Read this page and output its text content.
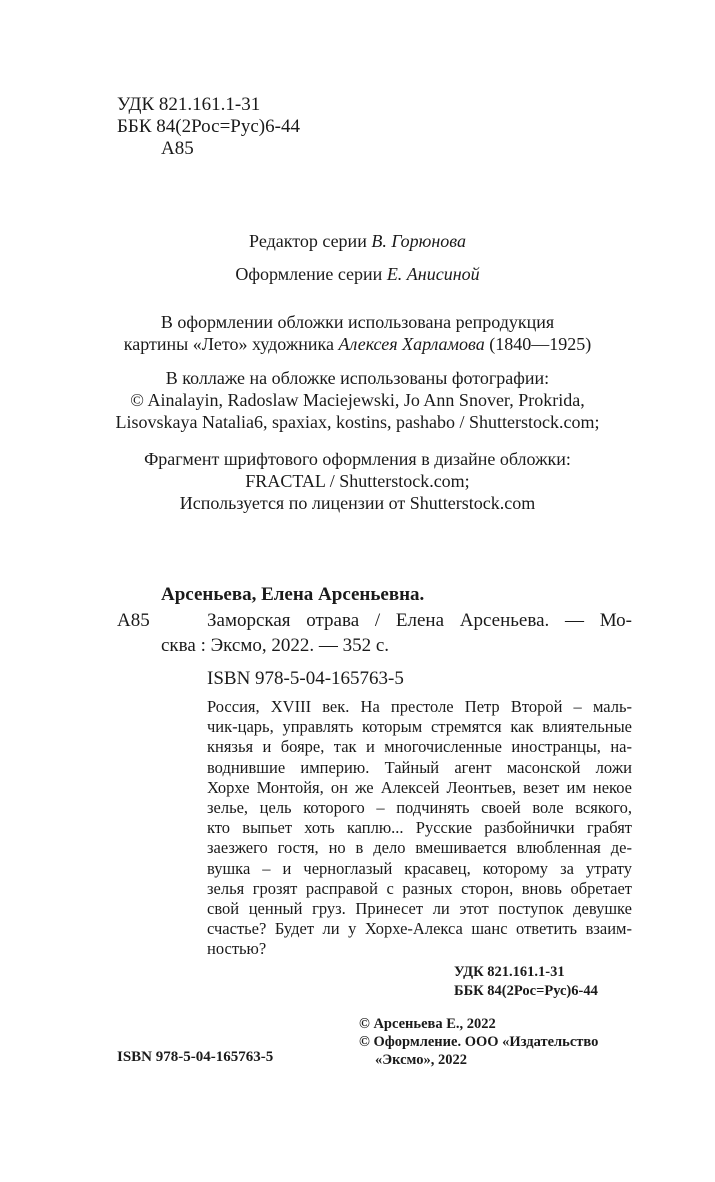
УДК 821.161.1-31
ББК 84(2Рос=Рус)6-44
А85
Редактор серии В. Горюнова
Оформление серии Е. Анисиной
В оформлении обложки использована репродукция
картины «Лето» художника Алексея Харламова (1840—1925)
В коллаже на обложке использованы фотографии:
© Ainalayin, Radoslaw Maciejewski, Jo Ann Snover, Prokrida,
Lisovskaya Natalia6, spaxiax, kostins, pashabo / Shutterstock.com;
Фрагмент шрифтового оформления в дизайне обложки:
FRACTAL / Shutterstock.com;
Используется по лицензии от Shutterstock.com
Арсеньева, Елена Арсеньевна.
А85	Заморская отрава / Елена Арсеньева. — Мо-
сква : Эксмо, 2022. — 352 с.
ISBN 978-5-04-165763-5
Россия, XVIII век. На престоле Петр Второй – маль-
чик-царь, управлять которым стремятся как влиятельные
князья и бояре, так и многочисленные иностранцы, на-
воднившие империю. Тайный агент масонской ложи
Хорхе Монтойя, он же Алексей Леонтьев, везет им некое
зелье, цель которого – подчинять своей воле всякого,
кто выпьет хоть каплю... Русские разбойнички грабят
заезжего гостя, но в дело вмешивается влюбленная де-
вушка – и черноглазый красавец, которому за утрату
зелья грозят расправой с разных сторон, вновь обретает
свой ценный груз. Принесет ли этот поступок девушке
счастье? Будет ли у Хорхе-Алекса шанс ответить взаим-
ностью?
УДК 821.161.1-31
ББК 84(2Рос=Рус)6-44
© Арсеньева Е., 2022
© Оформление. ООО «Издательство
«Эксмо», 2022
ISBN 978-5-04-165763-5
